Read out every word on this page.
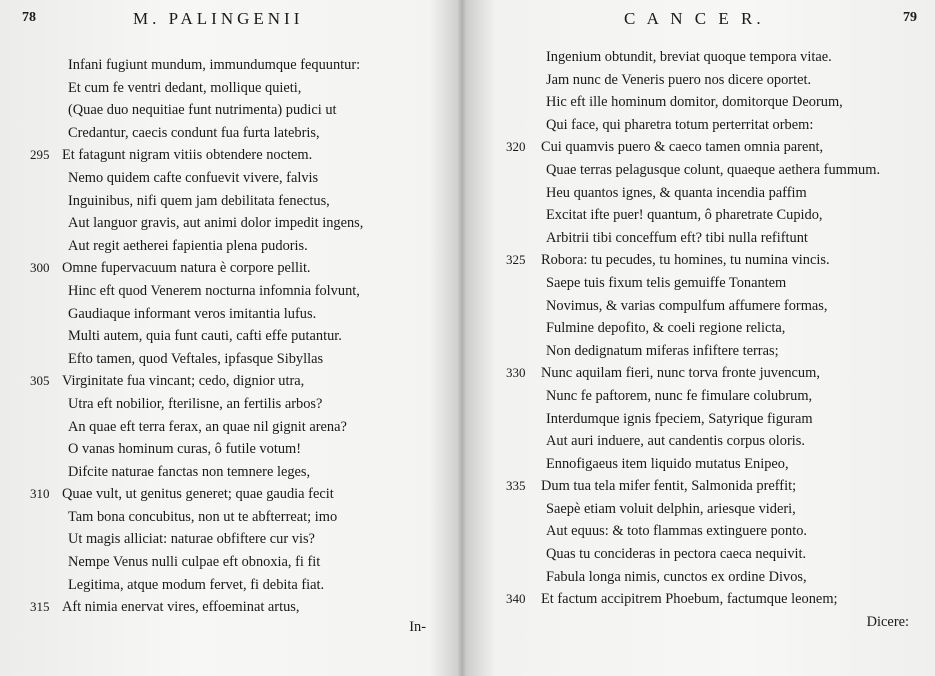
78	M. PALINGENII
Infani fugiunt mundum, immundumque fequuntur:
Et cum fe ventri dedant, mollique quieti,
(Quae duo nequitiae funt nutrimenta) pudici ut
Credantur, caecis condunt fua furta latebris,
295 Et fatagunt nigram vitiis obtendere noctem.
Nemo quidem cafte confuevit vivere, falvis
Inguinibus, nifi quem jam debilitata fenectus,
Aut languor gravis, aut animi dolor impedit ingens,
Aut regit aetherei fapientia plena pudoris.
300 Omne fupervacuum natura è corpore pellit.
Hinc eft quod Venerem nocturna infomnia folvunt,
Gaudiaque informant veros imitantia lufus.
Multi autem, quia funt cauti, cafti effe putantur.
Efto tamen, quod Veftales, ipfasque Sibyllas
305 Virginitate fua vincant; cedo, dignior utra,
Utra eft nobilior, fterilisne, an fertilis arbos?
An quae eft terra ferax, an quae nil gignit arena?
O vanas hominum curas, ô futile votum!
Difcite naturae fanctas non temnere leges,
310 Quae vult, ut genitus generet; quae gaudia fecit
Tam bona concubitus, non ut te abfterreat; imo
Ut magis alliciat: naturae obfiftere cur vis?
Nempe Venus nulli culpae eft obnoxia, fi fit
Legitima, atque modum fervet, fi debita fiat.
315 Aft nimia enervat vires, effoeminat artus,
In-
C A N C E R.	79
Ingenium obtundit, breviat quoque tempora vitae.
Jam nunc de Veneris puero nos dicere oportet.
Hic eft ille hominum domitor, domitorque Deorum,
Qui face, qui pharetra totum perterritat orbem:
320 Cui quamvis puero & caeco tamen omnia parent,
Quae terras pelagusque colunt, quaeque aethera fummum.
Heu quantos ignes, & quanta incendia paffim
Excitat ifte puer! quantum, ô pharetrate Cupido,
Arbitrii tibi conceffum eft? tibi nulla refiftunt
325 Robora: tu pecudes, tu homines, tu numina vincis.
Saepe tuis fixum telis gemuiffe Tonantem
Novimus, & varias compulfum affumere formas,
Fulmine depofito, & coeli regione relicta,
Non dedignatum miferas infiftere terras;
330 Nunc aquilam fieri, nunc torva fronte juvencum,
Nunc fe paftorem, nunc fe fimulare colubrum,
Interdumque ignis fpeciem, Satyrique figuram
Aut auri induere, aut candentis corpus oloris.
Ennofigaeus item liquido mutatus Enipeo,
335 Dum tua tela mifer fentit, Salmonida preffit;
Saepè etiam voluit delphin, ariesque videri,
Aut equus: & toto flammas extinguere ponto.
Quas tu concideras in pectora caeca nequivit.
Fabula longa nimis, cunctos ex ordine Divos,
340 Et factum accipitrem Phoebum, factumque leonem;
Dicere:
